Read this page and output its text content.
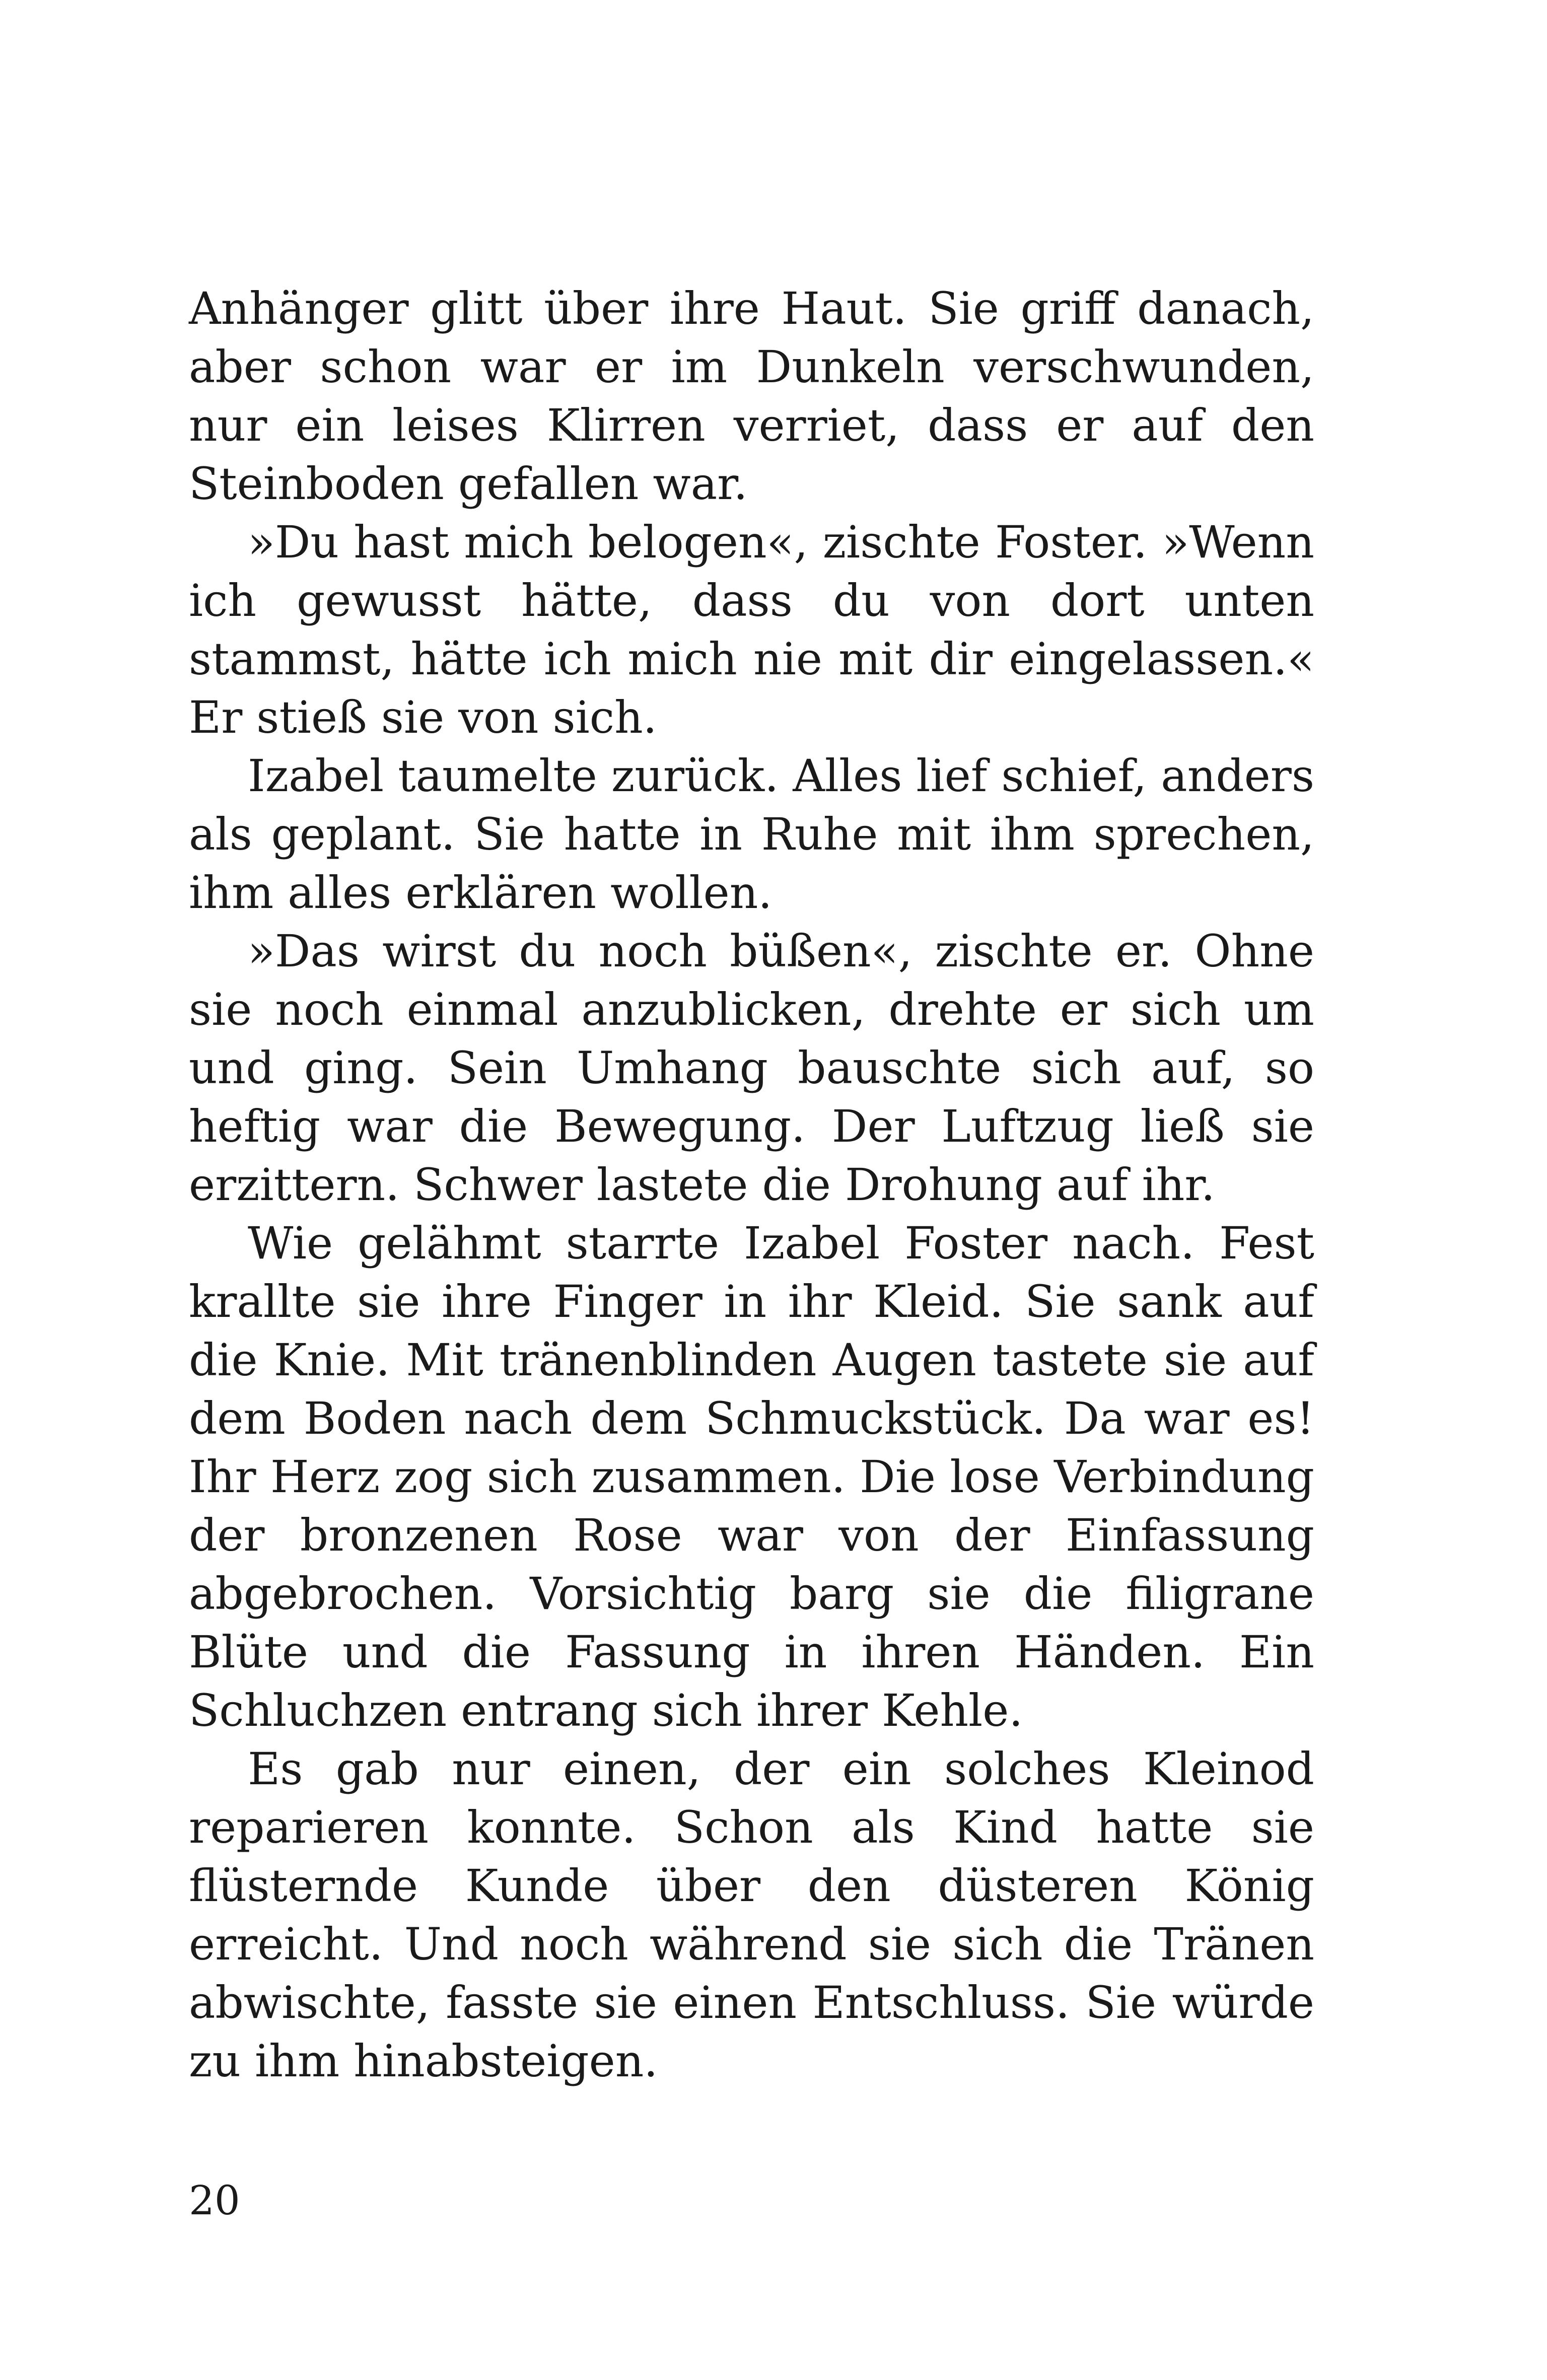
Anhänger glitt über ihre Haut. Sie griff danach, aber schon war er im Dunkeln verschwunden, nur ein leises Klirren verriet, dass er auf den Steinboden gefallen war.

»Du hast mich belogen«, zischte Foster. »Wenn ich gewusst hätte, dass du von dort unten stammst, hätte ich mich nie mit dir eingelassen.« Er stieß sie von sich.

Izabel taumelte zurück. Alles lief schief, anders als geplant. Sie hatte in Ruhe mit ihm sprechen, ihm alles erklären wollen.

»Das wirst du noch büßen«, zischte er. Ohne sie noch einmal anzublicken, drehte er sich um und ging. Sein Umhang bauschte sich auf, so heftig war die Bewegung. Der Luftzug ließ sie erzittern. Schwer lastete die Drohung auf ihr.

Wie gelähmt starrte Izabel Foster nach. Fest krallte sie ihre Finger in ihr Kleid. Sie sank auf die Knie. Mit tränenblinden Augen tastete sie auf dem Boden nach dem Schmuckstück. Da war es! Ihr Herz zog sich zusammen. Die lose Verbindung der bronzenen Rose war von der Einfassung abgebrochen. Vorsichtig barg sie die filigrane Blüte und die Fassung in ihren Händen. Ein Schluchzen entrang sich ihrer Kehle.

Es gab nur einen, der ein solches Kleinod reparieren konnte. Schon als Kind hatte sie flüsternde Kunde über den düsteren König erreicht. Und noch während sie sich die Tränen abwischte, fasste sie einen Entschluss. Sie würde zu ihm hinabsteigen.

20
